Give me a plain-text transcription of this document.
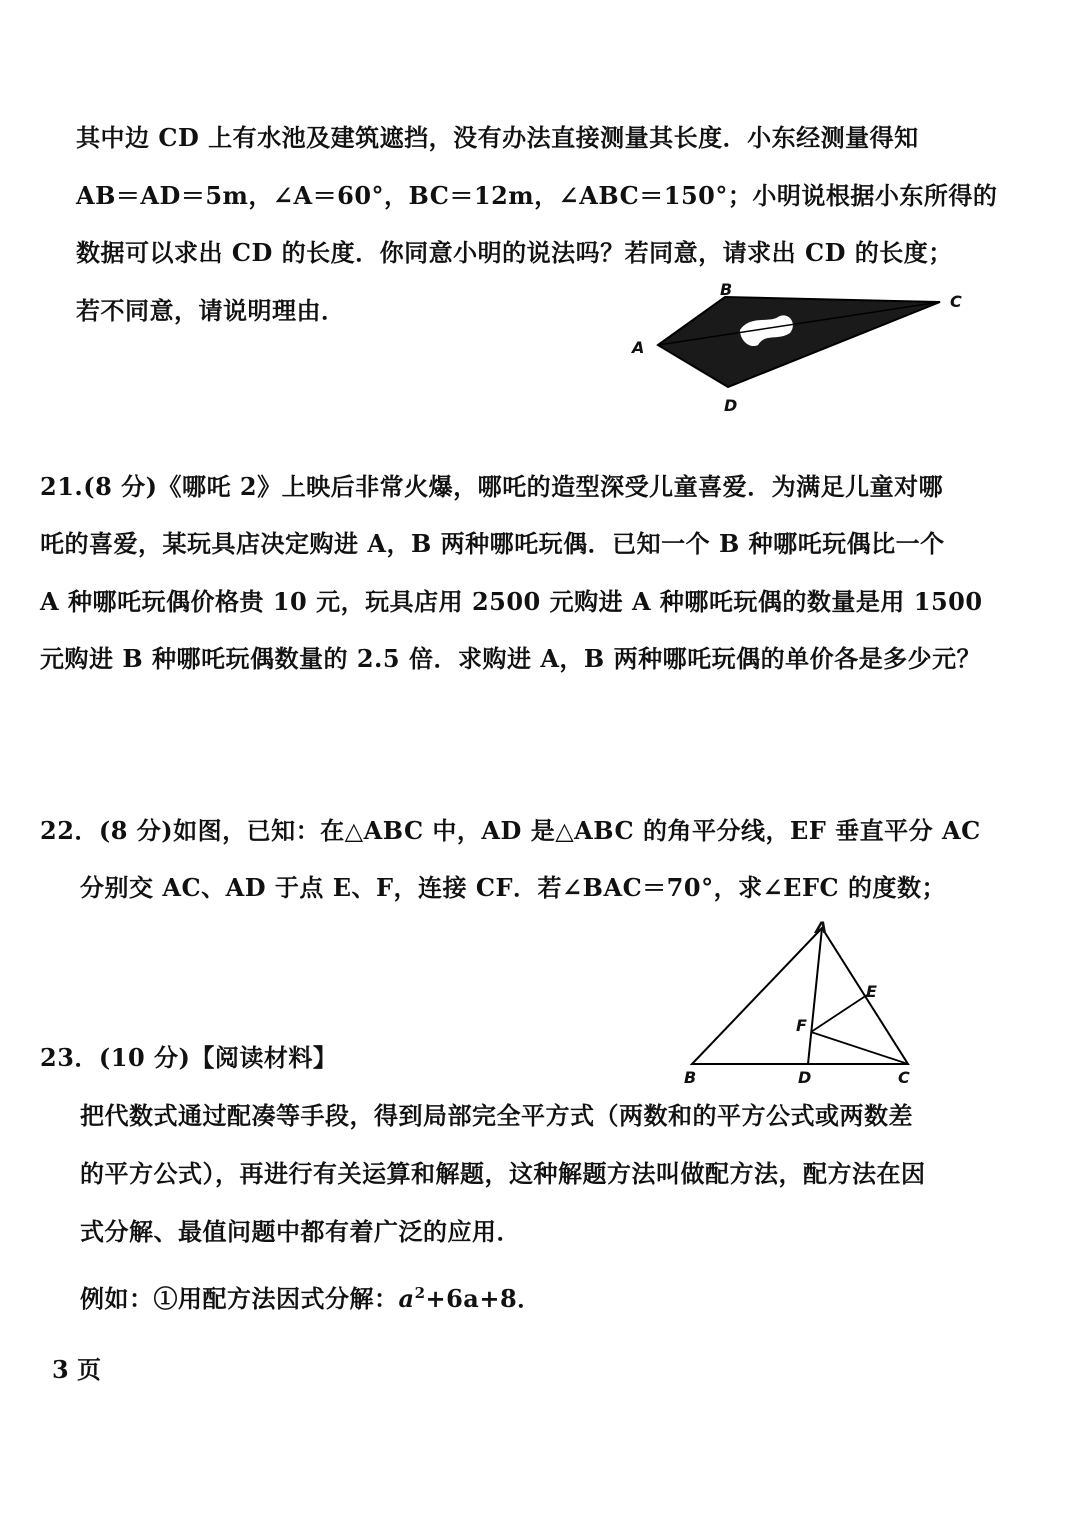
其中边 CD 上有水池及建筑遮挡，没有办法直接测量其长度．小东经测量得知
AB＝AD＝5m，∠A＝60°，BC＝12m，∠ABC＝150°；小明说根据小东所得的
数据可以求出 CD 的长度．你同意小明的说法吗？若同意，请求出 CD 的长度；
若不同意，请说明理由．
A
B
C
D
21.(8 分)《哪吒 2》上映后非常火爆，哪吒的造型深受儿童喜爱．为满足儿童对哪
吒的喜爱，某玩具店决定购进 A，B 两种哪吒玩偶．已知一个 B 种哪吒玩偶比一个
A 种哪吒玩偶价格贵 10 元，玩具店用 2500 元购进 A 种哪吒玩偶的数量是用 1500
元购进 B 种哪吒玩偶数量的 2.5 倍．求购进 A，B 两种哪吒玩偶的单价各是多少元？
22．(8 分)如图，已知：在△ABC 中，AD 是△ABC 的角平分线，EF 垂直平分 AC
分别交 AC、AD 于点 E、F，连接 CF．若∠BAC＝70°，求∠EFC 的度数；
A
B	C
D
E
F
23．(10 分)【阅读材料】
把代数式通过配凑等手段，得到局部完全平方式（两数和的平方公式或两数差
的平方公式），再进行有关运算和解题，这种解题方法叫做配方法，配方法在因
式分解、最值问题中都有着广泛的应用．
例如：①用配方法因式分解：$a^2+6a+8$．
3 页
